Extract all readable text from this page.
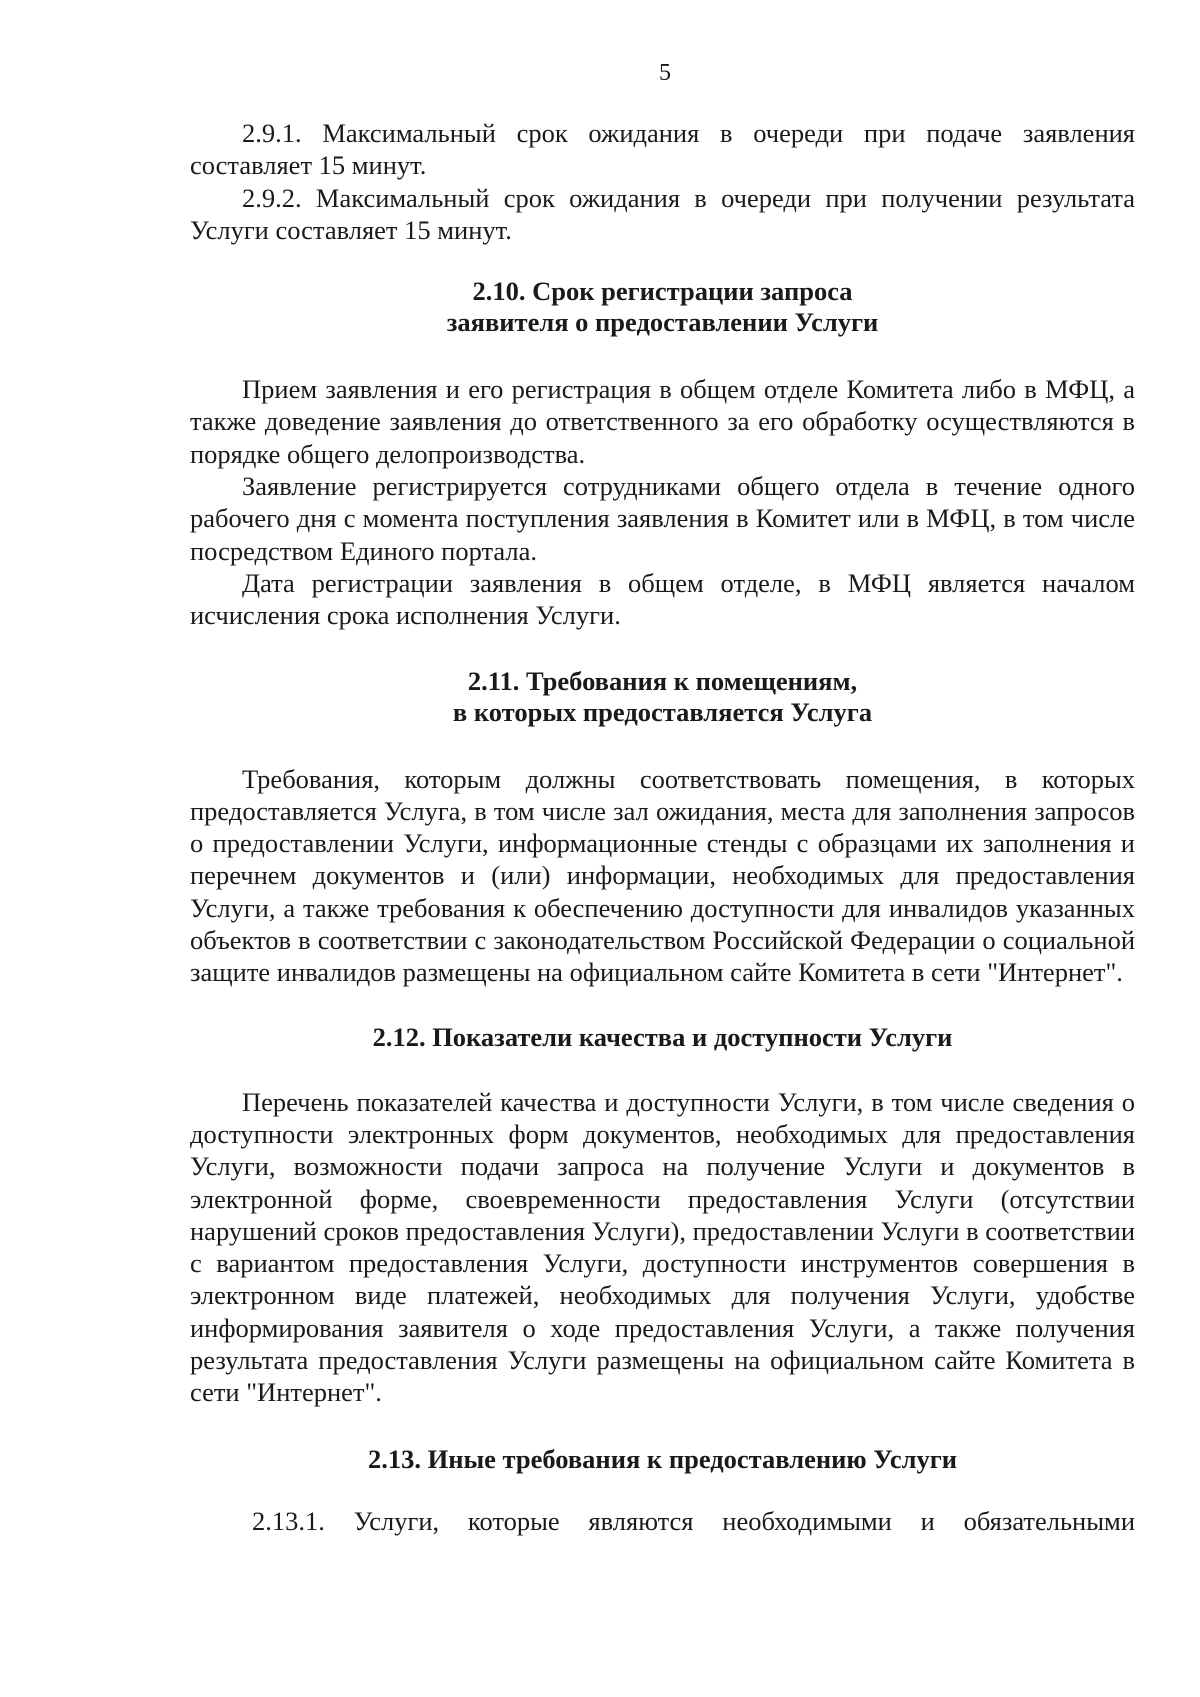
5

2.9.1. Максимальный срок ожидания в очереди при подаче заявления составляет 15 минут.

2.9.2. Максимальный срок ожидания в очереди при получении результата Услуги составляет 15 минут.

2.10. Срок регистрации запроса
заявителя о предоставлении Услуги

Прием заявления и его регистрация в общем отделе Комитета либо в МФЦ, а также доведение заявления до ответственного за его обработку осуществляются в порядке общего делопроизводства.

Заявление регистрируется сотрудниками общего отдела в течение одного рабочего дня с момента поступления заявления в Комитет или в МФЦ, в том числе посредством Единого портала.

Дата регистрации заявления в общем отделе, в МФЦ является началом исчисления срока исполнения Услуги.

2.11. Требования к помещениям,
в которых предоставляется Услуга

Требования, которым должны соответствовать помещения, в которых предоставляется Услуга, в том числе зал ожидания, места для заполнения запросов о предоставлении Услуги, информационные стенды с образцами их заполнения и перечнем документов и (или) информации, необходимых для предоставления Услуги, а также требования к обеспечению доступности для инвалидов указанных объектов в соответствии с законодательством Российской Федерации о социальной защите инвалидов размещены на официальном сайте Комитета в сети "Интернет".

2.12. Показатели качества и доступности Услуги

Перечень показателей качества и доступности Услуги, в том числе сведения о доступности электронных форм документов, необходимых для предоставления Услуги, возможности подачи запроса на получение Услуги и документов в электронной форме, своевременности предоставления Услуги (отсутствии нарушений сроков предоставления Услуги), предоставлении Услуги в соответствии с вариантом предоставления Услуги, доступности инструментов совершения в электронном виде платежей, необходимых для получения Услуги, удобстве информирования заявителя о ходе предоставления Услуги, а также получения результата предоставления Услуги размещены на официальном сайте Комитета в сети "Интернет".

2.13. Иные требования к предоставлению Услуги

2.13.1. Услуги, которые являются необходимыми и обязательными
